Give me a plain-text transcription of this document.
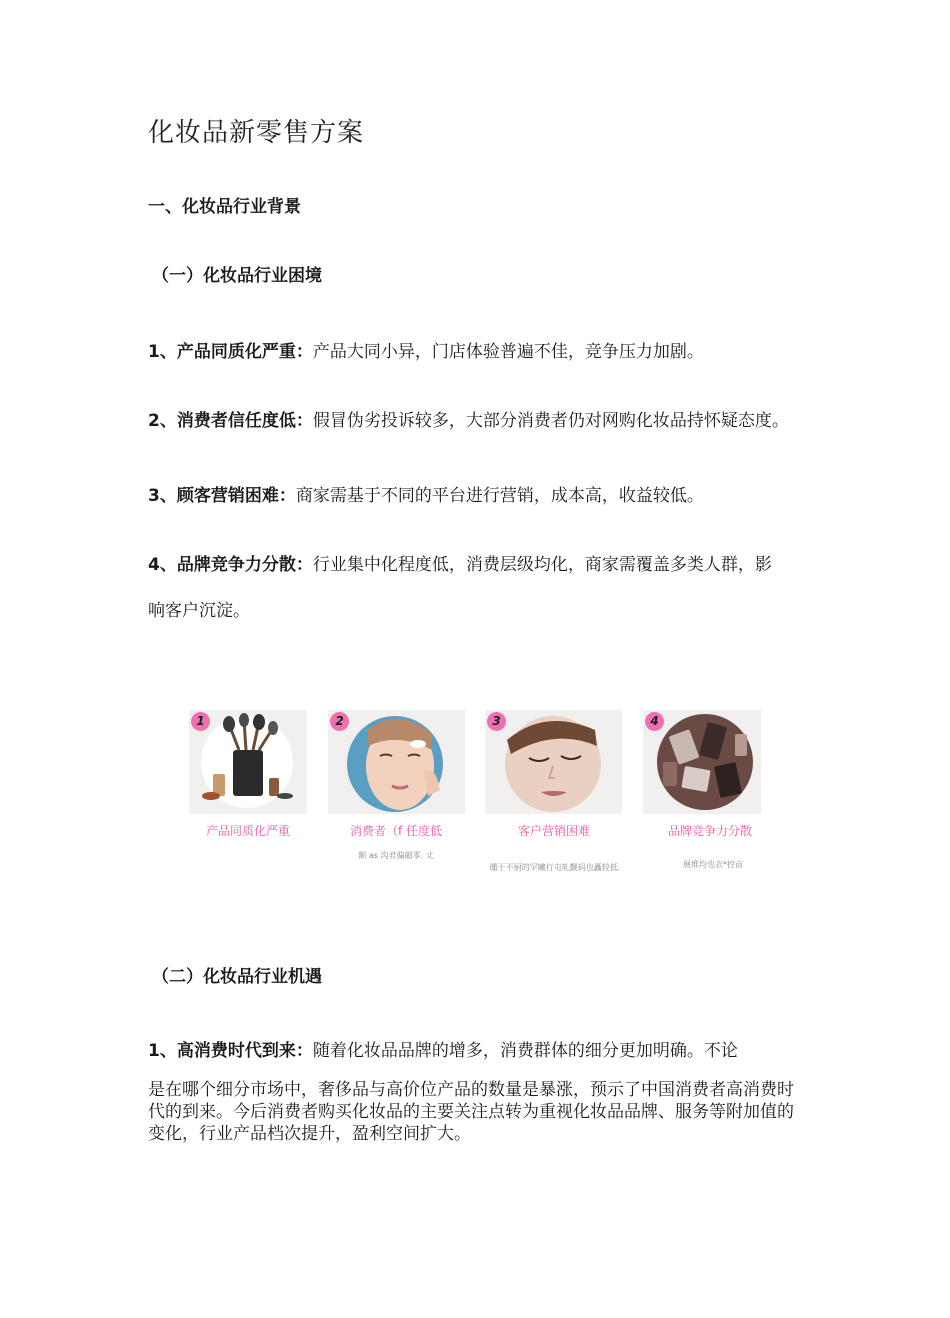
化妆品新零售方案
一、化妆品行业背景
（一）化妆品行业困境
1、产品同质化严重：产品大同小异，门店体验普遍不佳，竞争压力加剧。
2、消费者信任度低：假冒伪劣投诉较多，大部分消费者仍对网购化妆品持怀疑态度。
3、顾客营销困难：商家需基于不同的平台进行营销，成本高，收益较低。
4、品牌竞争力分散：行业集中化程度低，消费层级均化，商家需覆盖多类人群，影
响客户沉淀。
1	2	3	4
产品同质化严重	消费者（f 任度低	客户营销困难	品牌竞争力分散
额 as 沟君偏韻零. 丈
皤于不厨的罕曦行屯轧觐码也矗较低.	展堆均也衣*控亩
（二）化妆品行业机遇
1、高消费时代到来：随着化妆品品牌的增多，消费群体的细分更加明确。不论
是在哪个细分市场中，奢侈品与高价位产品的数量是暴涨，预示了中国消费者高消费时代的到来。今后消费者购买化妆品的主要关注点转为重视化妆品品牌、服务等附加值的变化，行业产品档次提升，盈利空间扩大。
